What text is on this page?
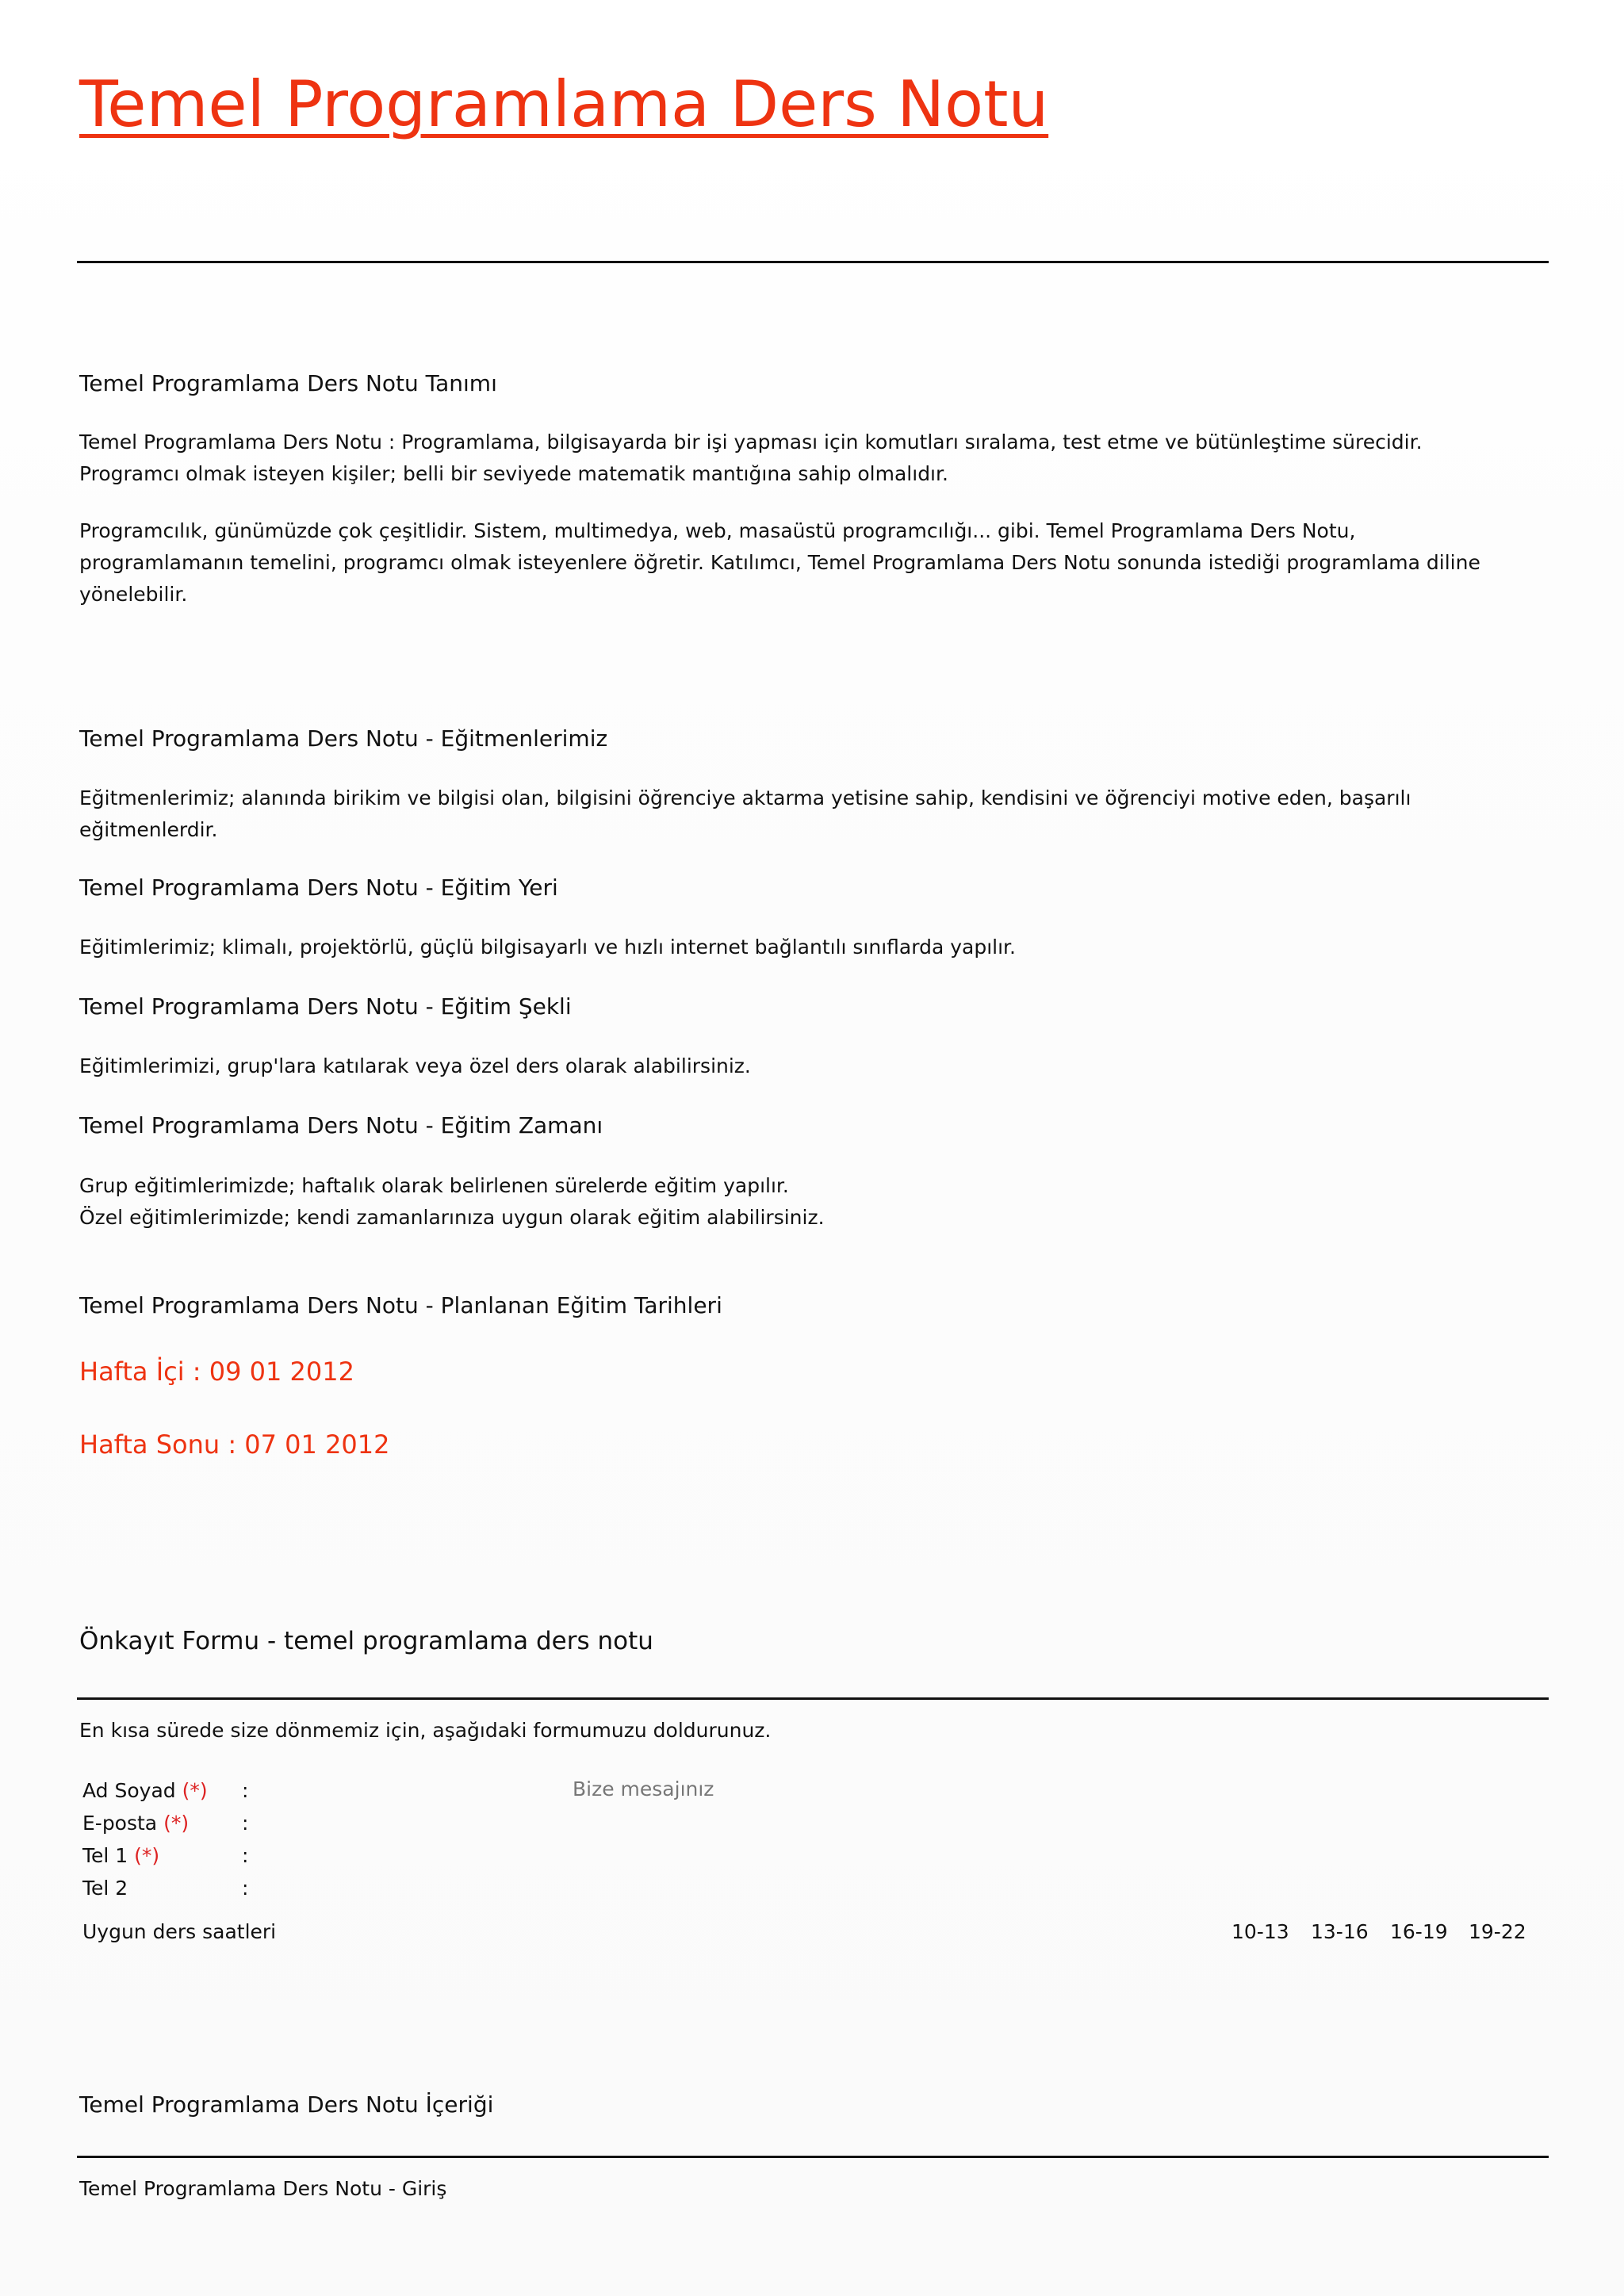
Temel Programlama Ders Notu
Temel Programlama Ders Notu Tanımı
Temel Programlama Ders Notu : Programlama, bilgisayarda bir işi yapması için komutları sıralama, test etme ve bütünleştime sürecidir.
Programcı olmak isteyen kişiler; belli bir seviyede matematik mantığına sahip olmalıdır.
Programcılık, günümüzde çok çeşitlidir. Sistem, multimedya, web, masaüstü programcılığı... gibi. Temel Programlama Ders Notu,
programlamanın temelini, programcı olmak isteyenlere öğretir. Katılımcı, Temel Programlama Ders Notu sonunda istediği programlama diline
yönelebilir.
Temel Programlama Ders Notu - Eğitmenlerimiz
Eğitmenlerimiz; alanında birikim ve bilgisi olan, bilgisini öğrenciye aktarma yetisine sahip, kendisini ve öğrenciyi motive eden, başarılı
eğitmenlerdir.
Temel Programlama Ders Notu - Eğitim Yeri
Eğitimlerimiz; klimalı, projektörlü, güçlü bilgisayarlı ve hızlı internet bağlantılı sınıflarda yapılır.
Temel Programlama Ders Notu - Eğitim Şekli
Eğitimlerimizi, grup'lara katılarak veya özel ders olarak alabilirsiniz.
Temel Programlama Ders Notu - Eğitim Zamanı
Grup eğitimlerimizde; haftalık olarak belirlenen sürelerde eğitim yapılır.
Özel eğitimlerimizde; kendi zamanlarınıza uygun olarak eğitim alabilirsiniz.
Temel Programlama Ders Notu - Planlanan Eğitim Tarihleri
Hafta İçi : 09 01 2012
Hafta Sonu : 07 01 2012
Önkayıt Formu - temel programlama ders notu
En kısa sürede size dönmemiz için, aşağıdaki formumuzu doldurunuz.
Ad Soyad (*) :
E-posta (*)	:
Tel 1 (*)	:
Tel 2	:
Bize mesajınız
Uygun ders saatleri	10-13 13-16 16-19 19-22
Temel Programlama Ders Notu İçeriği
Temel Programlama Ders Notu - Giriş
